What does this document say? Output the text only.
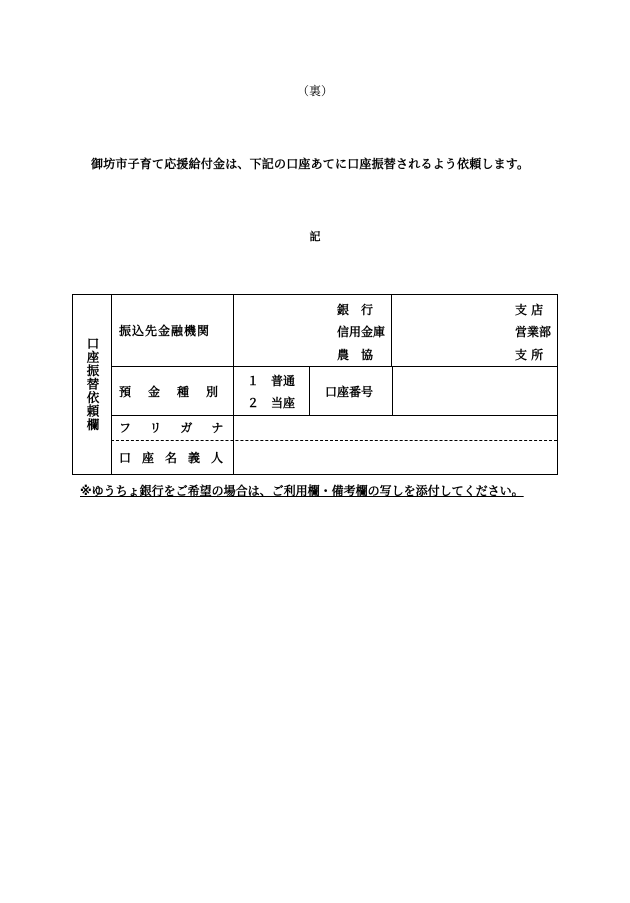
（裏）
御坊市子育て応援給付金は、下記の口座あてに口座振替されるよう依頼します。
記
口座振替依頼欄
振込先金融機関
銀　行
信用金庫
農　協
支 店
営業部
支 所
預金種別
１　普通
２　当座
口座番号
フリガナ
口座名義人
※ゆうちょ銀行をご希望の場合は、ご利用欄・備考欄の写しを添付してください。
